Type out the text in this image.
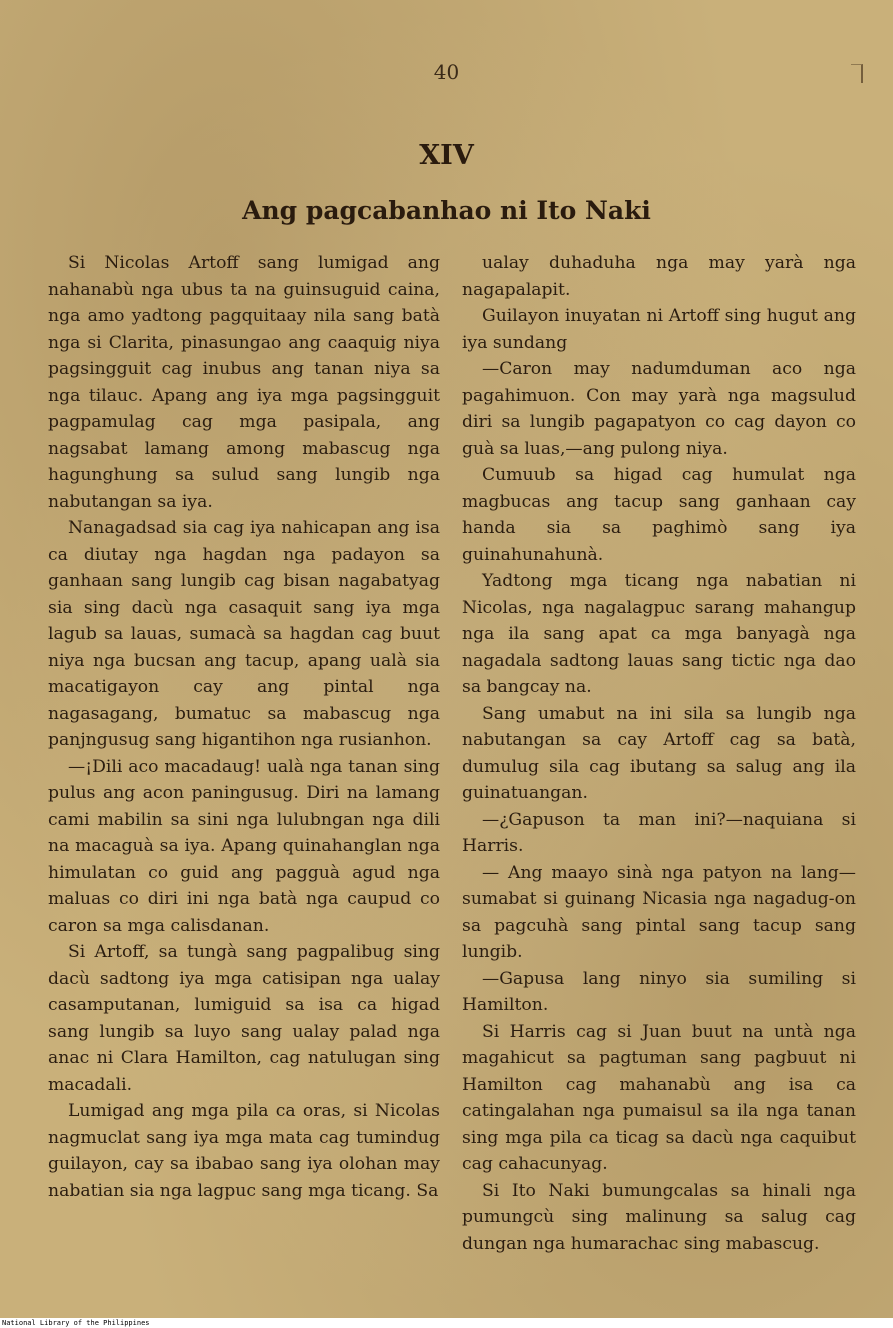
40
XIV
Ang pagcabanhao ni Ito Naki

Si Nicolas Artoff sang lumigad ang nahanabù nga ubus ta na guinsuguid caina, nga amo yadtong pagquitaay nila sang batà nga si Clarita, pinasungao ang caaquig niya pagsingguit cag inubus ang tanan niya sa nga tilauc. Apang ang iya mga pagsingguit pagpamulag cag mga pasipala, ang nagsabat lamang among mabascug nga hagunghung sa sulud sang lungib nga nabutangan sa iya.

Nanagadsad sia cag iya nahicapan ang isa ca diutay nga hagdan nga padayon sa ganhaan sang lungib cag bisan nagabatyag sia sing dacù nga casaquit sang iya mga lagub sa lauas, sumacà sa hagdan cag buut niya nga bucsan ang tacup, apang ualà sia macatigayon cay ang pintal nga nagasagang, bumatuc sa mabascug nga panjngusug sang higantihon nga rusianhon.

—¡Dili aco macadaug! ualà nga tanan sing pulus ang acon paningusug. Diri na lamang cami mabilin sa sini nga lulubngan nga dili na macaguà sa iya. Apang quinahanglan nga himulatan co guid ang pagguà agud nga maluas co diri ini nga batà nga caupud co caron sa mga calisdanan.

Si Artoff, sa tungà sang pagpalibug sing dacù sadtong iya mga catisipan nga ualay casamputanan, lumiguid sa isa ca higad sang lungib sa luyo sang ualay palad nga anac ni Clara Hamilton, cag natulugan sing macadali.

Lumigad ang mga pila ca oras, si Nicolas nagmuclat sang iya mga mata cag tumindug guilayon, cay sa ibabao sang iya olohan may nabatian sia nga lagpuc sang mga ticang. Sa

ualay duhaduha nga may yarà nga nagapalapit.

Guilayon inuyatan ni Artoff sing hugut ang iya sundang

—Caron may nadumduman aco nga pagahimuon. Con may yarà nga magsulud diri sa lungib pagapatyon co cag dayon co guà sa luas,—ang pulong niya.

Cumuub sa higad cag humulat nga magbucas ang tacup sang ganhaan cay handa sia sa paghimò sang iya guinahunahunà.

Yadtong mga ticang nga nabatian ni Nicolas, nga nagalagpuc sarang mahangup nga ila sang apat ca mga banyagà nga nagadala sadtong lauas sang tictic nga dao sa bangcay na.

Sang umabut na ini sila sa lungib nga nabutangan sa cay Artoff cag sa batà, dumulug sila cag ibutang sa salug ang ila guinatuangan.

—¿Gapuson ta man ini?—naquiana si Harris.

— Ang maayo sinà nga patyon na lang—sumabat si guinang Nicasia nga nagadug-on sa pagcuhà sang pintal sang tacup sang lungib.

—Gapusa lang ninyo sia sumiling si Hamilton.

Si Harris cag si Juan buut na untà nga magahicut sa pagtuman sang pagbuut ni Hamilton cag mahanabù ang isa ca catingalahan nga pumaisul sa ila nga tanan sing mga pila ca ticag sa dacù nga caquibut cag cahacunyag.

Si Ito Naki bumungcalas sa hinali nga pumungcù sing malinung sa salug cag dungan nga humarachac sing mabascug.

National Library of the Philippines
